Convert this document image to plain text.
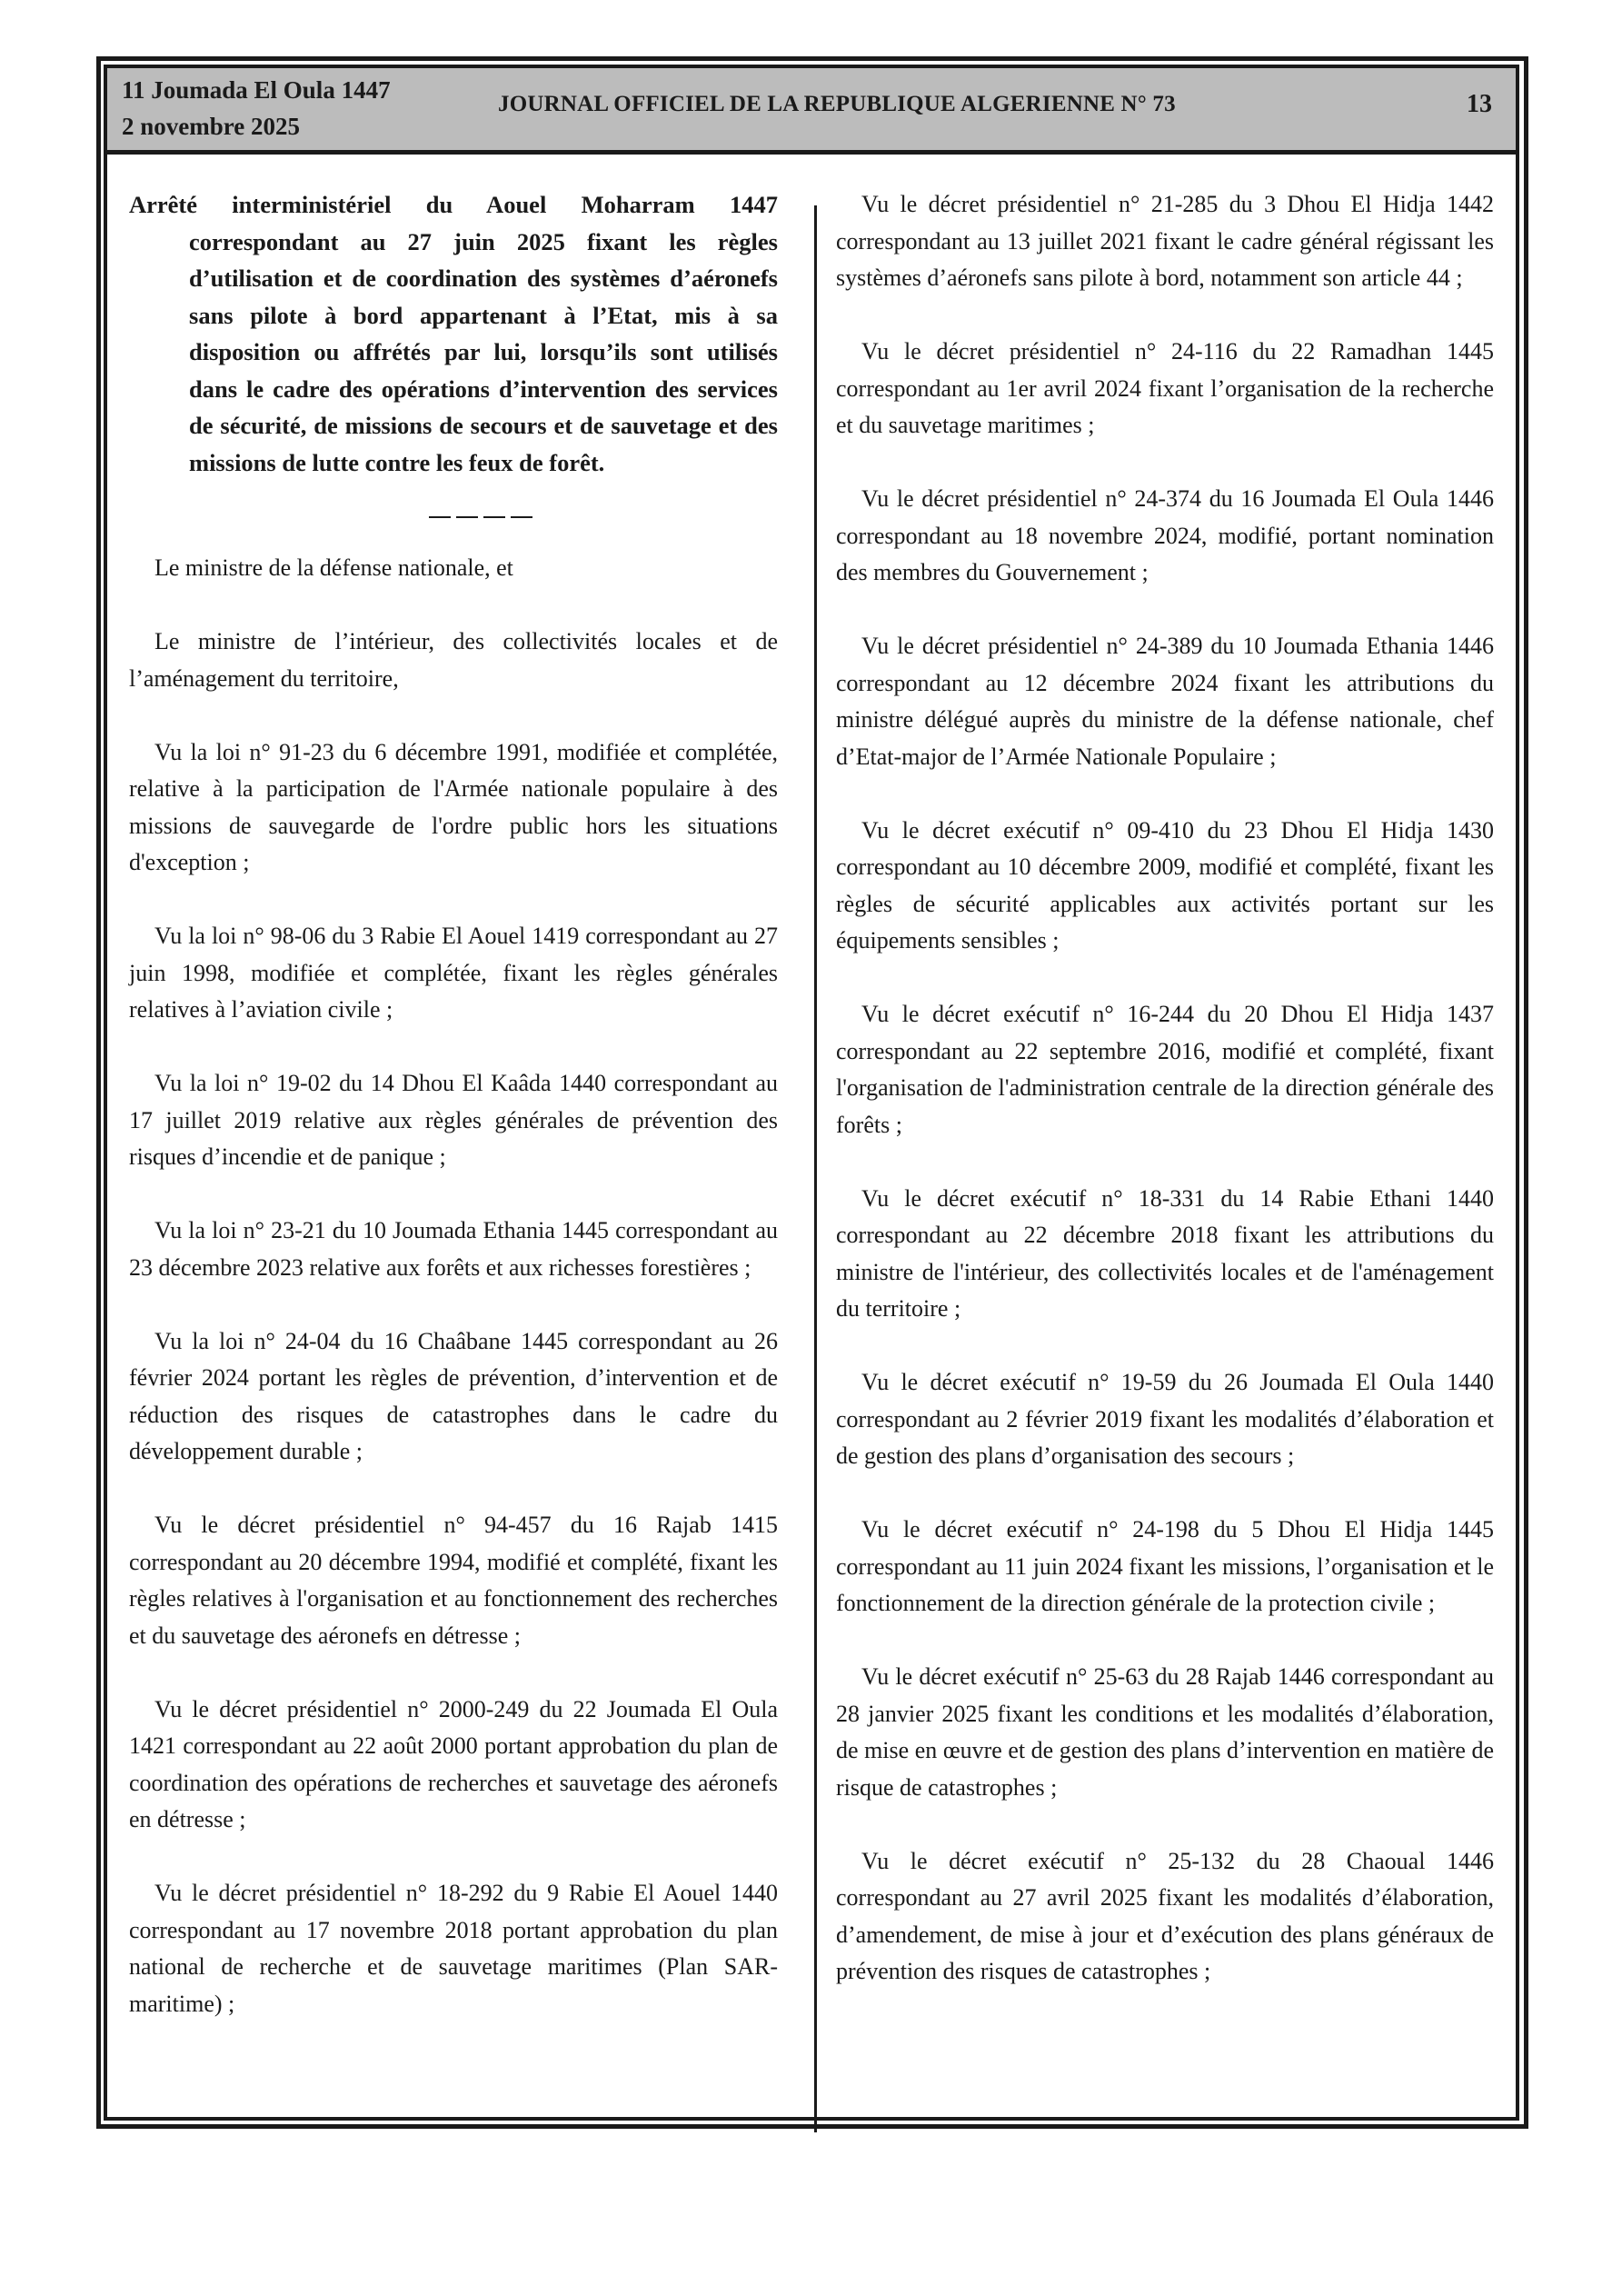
11 Joumada El Oula 1447
2 novembre 2025
JOURNAL OFFICIEL DE LA REPUBLIQUE ALGERIENNE N° 73	13

Arrêté interministériel du Aouel Moharram 1447 correspondant au 27 juin 2025 fixant les règles d’utilisation et de coordination des systèmes d’aéronefs sans pilote à bord appartenant à l’Etat, mis à sa disposition ou affrétés par lui, lorsqu’ils sont utilisés dans le cadre des opérations d’intervention des services de sécurité, de missions de secours et de sauvetage et des missions de lutte contre les feux de forêt.

Le ministre de la défense nationale, et

Le ministre de l’intérieur, des collectivités locales et de l’aménagement du territoire,

Vu la loi n° 91-23 du 6 décembre 1991, modifiée et complétée, relative à la participation de l'Armée nationale populaire à des missions de sauvegarde de l'ordre public hors les situations d'exception ;

Vu la loi n° 98-06 du 3 Rabie El Aouel 1419 correspondant au 27 juin 1998, modifiée et complétée, fixant les règles générales relatives à l’aviation civile ;

Vu la loi n° 19-02 du 14 Dhou El Kaâda 1440 correspondant au 17 juillet 2019 relative aux règles générales de prévention des risques d’incendie et de panique ;

Vu la loi n° 23-21 du 10 Joumada Ethania 1445 correspondant au 23 décembre 2023 relative aux forêts et aux richesses forestières ;

Vu la loi n° 24-04 du 16 Chaâbane 1445 correspondant au 26 février 2024 portant les règles de prévention, d’intervention et de réduction des risques de catastrophes dans le cadre du développement durable ;

Vu le décret présidentiel n° 94-457 du 16 Rajab 1415 correspondant au 20 décembre 1994, modifié et complété, fixant les règles relatives à l'organisation et au fonctionnement des recherches et du sauvetage des aéronefs en détresse ;

Vu le décret présidentiel n° 2000-249 du 22 Joumada El Oula 1421 correspondant au 22 août 2000 portant approbation du plan de coordination des opérations de recherches et sauvetage des aéronefs en détresse ;

Vu le décret présidentiel n° 18-292 du 9 Rabie El Aouel 1440 correspondant au 17 novembre 2018 portant approbation du plan national de recherche et de sauvetage maritimes (Plan SAR-maritime) ;

Vu le décret présidentiel n° 21-285 du 3 Dhou El Hidja 1442 correspondant au 13 juillet 2021 fixant le cadre général régissant les systèmes d’aéronefs sans pilote à bord, notamment son article 44 ;

Vu le décret présidentiel n° 24-116 du 22 Ramadhan 1445 correspondant au 1er avril 2024 fixant l’organisation de la recherche et du sauvetage maritimes ;

Vu le décret présidentiel n° 24-374 du 16 Joumada El Oula 1446 correspondant au 18 novembre 2024, modifié, portant nomination des membres du Gouvernement ;

Vu le décret présidentiel n° 24-389 du 10 Joumada Ethania 1446 correspondant au 12 décembre 2024 fixant les attributions du ministre délégué auprès du ministre de la défense nationale, chef d’Etat-major de l’Armée Nationale Populaire ;

Vu le décret exécutif n° 09-410 du 23 Dhou El Hidja 1430 correspondant au 10 décembre 2009, modifié et complété, fixant les règles de sécurité applicables aux activités portant sur les équipements sensibles ;

Vu le décret exécutif n° 16-244 du 20 Dhou El Hidja 1437 correspondant au 22 septembre 2016, modifié et complété, fixant l'organisation de l'administration centrale de la direction générale des forêts ;

Vu le décret exécutif n° 18-331 du 14 Rabie Ethani 1440 correspondant au 22 décembre 2018 fixant les attributions du ministre de l'intérieur, des collectivités locales et de l'aménagement du territoire ;

Vu le décret exécutif n° 19-59 du 26 Joumada El Oula 1440 correspondant au 2 février 2019 fixant les modalités d’élaboration et de gestion des plans d’organisation des secours ;

Vu le décret exécutif n° 24-198 du 5 Dhou El Hidja 1445 correspondant au 11 juin 2024 fixant les missions, l’organisation et le fonctionnement de la direction générale de la protection civile ;

Vu le décret exécutif n° 25-63 du 28 Rajab 1446 correspondant au 28 janvier 2025 fixant les conditions et les modalités d’élaboration, de mise en œuvre et de gestion des plans d’intervention en matière de risque de catastrophes ;

Vu le décret exécutif n° 25-132 du 28 Chaoual 1446 correspondant au 27 avril 2025 fixant les modalités d’élaboration, d’amendement, de mise à jour et d’exécution des plans généraux de prévention des risques de catastrophes ;
